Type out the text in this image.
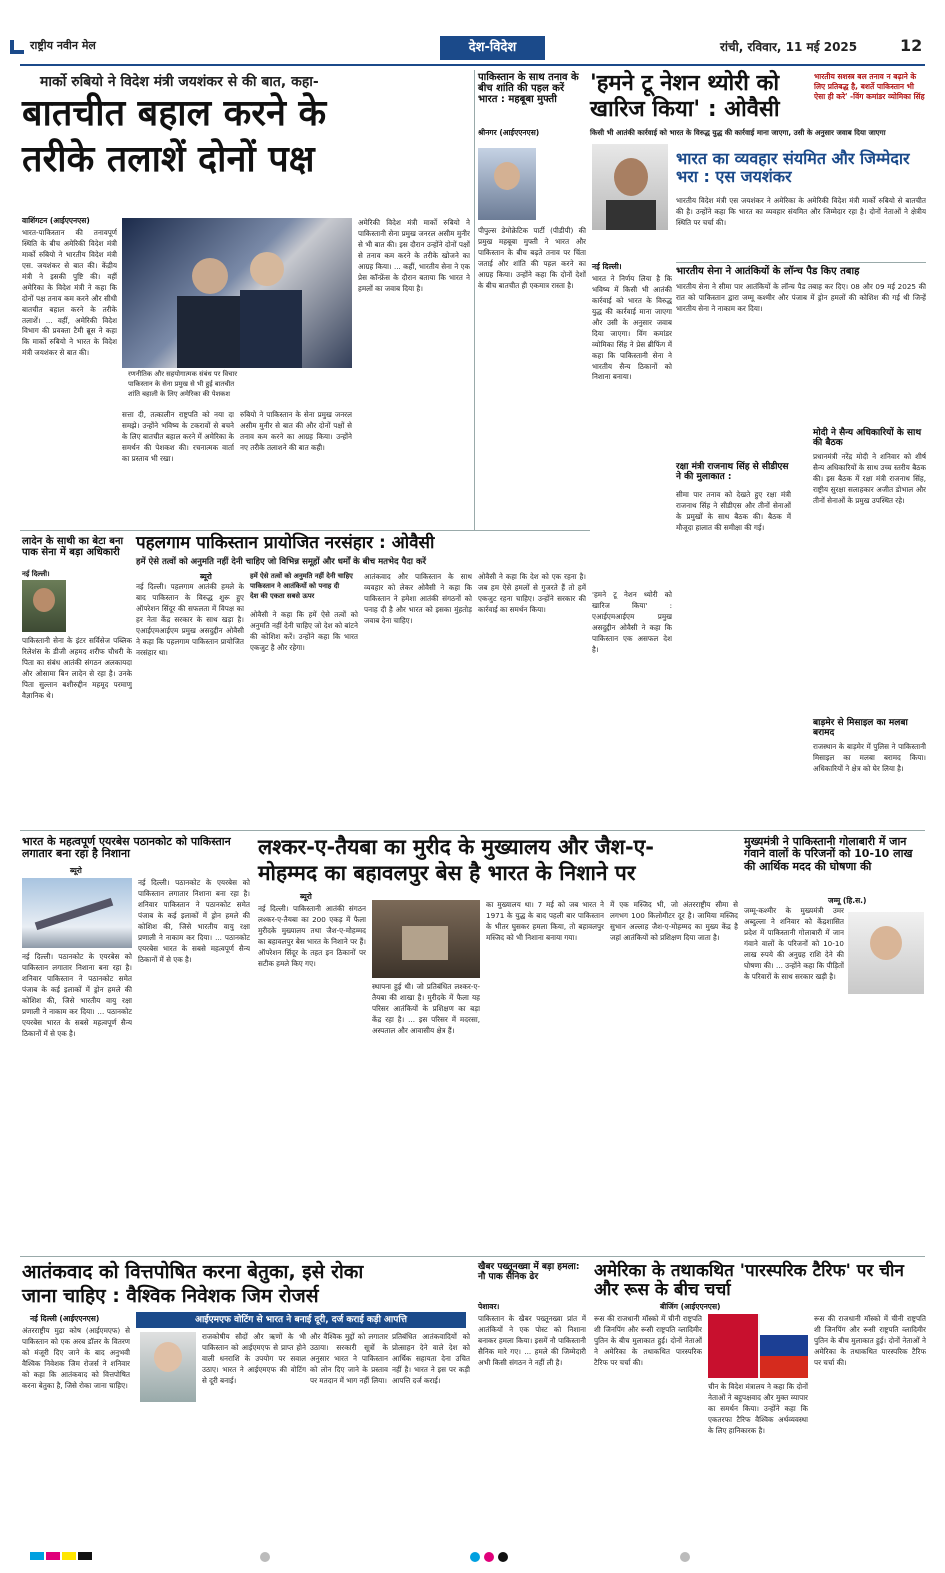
राष्ट्रीय नवीन मेल	देश-विदेश	रांची, रविवार, 11 मई 2025	12
मार्को रुबियो ने विदेश मंत्री जयशंकर से की बात, कहा-
बातचीत बहाल करने के
तरीके तलाशें दोनों पक्ष
वाशिंगटन (आईएएनएस)
भारत-पाकिस्तान की तनावपूर्ण स्थिति के बीच अमेरिकी विदेश मंत्री मार्को रुबियो ने भारतीय विदेश मंत्री एस. जयशंकर से बात की। केंद्रीय मंत्री ने इसकी पुष्टि की। वहीं अमेरिका के विदेश मंत्री ने कहा कि दोनों पक्ष तनाव कम करने और सीधी बातचीत बहाल करने के तरीके तलाशें। ... वहीं, अमेरिकी विदेश विभाग की प्रवक्ता टैमी ब्रूस ने कहा कि मार्को रुबियो ने भारत के विदेश मंत्री जयशंकर से बात की।
रणनीतिक और सहयोगात्मक संबंध पर विचार
पाकिस्तान के सेना प्रमुख से भी हुई बातचीत
शांति बहाली के लिए अमेरिका की पेशकश
सत्ता दी, तत्कालीन राष्ट्रपति को नया दा समझे। उन्होंने भविष्य के टकरावों से बचने के लिए बातचीत बहाल करने में अमेरिका के समर्थन की पेशकश की। रचनात्मक वार्ता का प्रस्ताव भी रखा।
रुबियो ने पाकिस्तान के सेना प्रमुख जनरल असीम मुनीर से बात की और दोनों पक्षों से तनाव कम करने का आग्रह किया। उन्होंने नए तरीके तलाशने की बात कही।
अमेरिकी विदेश मंत्री मार्को रुबियो ने पाकिस्तानी सेना प्रमुख जनरल असीम मुनीर से भी बात की। इस दौरान उन्होंने दोनों पक्षों से तनाव कम करने के तरीके खोजने का आग्रह किया। ... कहीं, भारतीय सेना ने एक प्रेस कॉन्फ्रेंस के दौरान बताया कि भारत ने हमलों का जवाब दिया है।
पाकिस्तान के साथ तनाव के बीच शांति की पहल करें भारत : महबूबा मुफ्ती
श्रीनगर (आईएएनएस)
पीपुल्स डेमोक्रेटिक पार्टी (पीडीपी) की प्रमुख महबूबा मुफ्ती ने भारत और पाकिस्तान के बीच बढ़ते तनाव पर चिंता जताई और शांति की पहल करने का आग्रह किया। उन्होंने कहा कि दोनों देशों के बीच बातचीत ही एकमात्र रास्ता है।
'हमने टू नेशन थ्योरी को
खारिज किया' : ओवैसी
भारतीय सशस्त्र बल तनाव न बढ़ाने के लिए प्रतिबद्ध है, बशर्ते पाकिस्तान भी ऐसा ही करे' -विंग कमांडर व्योमिका सिंह
किसी भी आतंकी कार्रवाई को भारत के विरुद्ध युद्ध की कार्रवाई माना जाएगा, उसी के अनुसार जवाब दिया जाएगा
नई दिल्ली।
भारत ने निर्णय लिया है कि भविष्य में किसी भी आतंकी कार्रवाई को भारत के विरुद्ध युद्ध की कार्रवाई माना जाएगा और उसी के अनुसार जवाब दिया जाएगा। विंग कमांडर व्योमिका सिंह ने प्रेस ब्रीफिंग में कहा कि पाकिस्तानी सेना ने भारतीय सैन्य ठिकानों को निशाना बनाया।
'हमने टू नेशन थ्योरी को खारिज किया' : एआईएमआईएम प्रमुख असदुद्दीन ओवैसी ने कहा कि पाकिस्तान एक असफल देश है।
भारत का व्यवहार संयमित और जिम्मेदार भरा : एस जयशंकर
भारतीय विदेश मंत्री एस जयशंकर ने अमेरिका के अमेरिकी विदेश मंत्री मार्को रुबियो से बातचीत की है। उन्होंने कहा कि भारत का व्यवहार संयमित और जिम्मेदार रहा है। दोनों नेताओं ने क्षेत्रीय स्थिति पर चर्चा की।
भारतीय सेना ने आतंकियों के लॉन्च पैड किए तबाह
भारतीय सेना ने सीमा पार आतंकियों के लॉन्च पैड तबाह कर दिए। 08 और 09 मई 2025 की रात को पाकिस्तान द्वारा जम्मू कश्मीर और पंजाब में ड्रोन हमलों की कोशिश की गई थी जिन्हें भारतीय सेना ने नाकाम कर दिया।
रक्षा मंत्री राजनाथ सिंह से सीडीएस ने की मुलाकात :
सीमा पार तनाव को देखते हुए रक्षा मंत्री राजनाथ सिंह ने सीडीएस और तीनों सेनाओं के प्रमुखों के साथ बैठक की। बैठक में मौजूदा हालात की समीक्षा की गई।
मोदी ने सैन्य अधिकारियों के साथ की बैठक
प्रधानमंत्री नरेंद्र मोदी ने शनिवार को शीर्ष सैन्य अधिकारियों के साथ उच्च स्तरीय बैठक की। इस बैठक में रक्षा मंत्री राजनाथ सिंह, राष्ट्रीय सुरक्षा सलाहकार अजीत डोभाल और तीनों सेनाओं के प्रमुख उपस्थित रहे।
बाड़मेर से मिसाइल का मलबा बरामद
राजस्थान के बाड़मेर में पुलिस ने पाकिस्तानी मिसाइल का मलबा बरामद किया। अधिकारियों ने क्षेत्र को घेर लिया है।
लादेन के साथी का बेटा बना पाक सेना में बड़ा अधिकारी
नई दिल्ली।
पाकिस्तानी सेना के इंटर सर्विसेज पब्लिक रिलेशंस के डीजी अहमद शरीफ चौधरी के पिता का संबंध आतंकी संगठन अलकायदा और ओसामा बिन लादेन से रहा है। उनके पिता सुल्तान बशीरुद्दीन महमूद परमाणु वैज्ञानिक थे।
पहलगाम पाकिस्तान प्रायोजित नरसंहार : ओवैसी
हमें ऐसे तत्वों को अनुमति नहीं देनी चाहिए जो विभिन्न समूहों और धर्मों के बीच मतभेद पैदा करें
ब्यूरो
नई दिल्ली। पहलगाम आतंकी हमले के बाद पाकिस्तान के विरुद्ध शुरू हुए ऑपरेशन सिंदूर की सफलता में विपक्ष का हर नेता केंद्र सरकार के साथ खड़ा है। एआईएमआईएम प्रमुख असदुद्दीन ओवैसी ने कहा कि पहलगाम पाकिस्तान प्रायोजित नरसंहार था।
हमें ऐसे तत्वों को अनुमति नहीं देनी चाहिए
पाकिस्तान ने आतंकियों को पनाह दी
देश की एकता सबसे ऊपर
ओवैसी ने कहा कि हमें ऐसे तत्वों को अनुमति नहीं देनी चाहिए जो देश को बांटने की कोशिश करें। उन्होंने कहा कि भारत एकजुट है और रहेगा।
आतंकवाद और पाकिस्तान के साथ व्यवहार को लेकर ओवैसी ने कहा कि पाकिस्तान ने हमेशा आतंकी संगठनों को पनाह दी है और भारत को इसका मुंहतोड़ जवाब देना चाहिए।
ओवैसी ने कहा कि देश को एक रहना है। जब हम ऐसे हमलों से गुजरते हैं तो हमें एकजुट रहना चाहिए। उन्होंने सरकार की कार्रवाई का समर्थन किया।
भारत के महत्वपूर्ण एयरबेस पठानकोट को पाकिस्तान लगातार बना रहा है निशाना
ब्यूरो
नई दिल्ली। पठानकोट के एयरबेस को पाकिस्तान लगातार निशाना बना रहा है। शनिवार पाकिस्तान ने पठानकोट समेत पंजाब के कई इलाकों में ड्रोन हमले की कोशिश की, जिसे भारतीय वायु रक्षा प्रणाली ने नाकाम कर दिया। ... पठानकोट एयरबेस भारत के सबसे महत्वपूर्ण सैन्य ठिकानों में से एक है।
नई दिल्ली। पठानकोट के एयरबेस को पाकिस्तान लगातार निशाना बना रहा है। शनिवार पाकिस्तान ने पठानकोट समेत पंजाब के कई इलाकों में ड्रोन हमले की कोशिश की, जिसे भारतीय वायु रक्षा प्रणाली ने नाकाम कर दिया। ... पठानकोट एयरबेस भारत के सबसे महत्वपूर्ण सैन्य ठिकानों में से एक है।
लश्कर-ए-तैयबा का मुरीद के मुख्यालय और जैश-ए-
मोहम्मद का बहावलपुर बेस है भारत के निशाने पर
ब्यूरो
नई दिल्ली। पाकिस्तानी आतंकी संगठन लश्कर-ए-तैयबा का 200 एकड़ में फैला मुरीदके मुख्यालय तथा जैश-ए-मोहम्मद का बहावलपुर बेस भारत के निशाने पर हैं। ऑपरेशन सिंदूर के तहत इन ठिकानों पर सटीक हमले किए गए।
स्थापना हुई थी। जो प्रतिबंधित लश्कर-ए-तैयबा की शाखा है। मुरीदके में फैला यह परिसर आतंकियों के प्रशिक्षण का बड़ा केंद्र रहा है। ... इस परिसर में मदरसा, अस्पताल और आवासीय क्षेत्र हैं।
का मुख्यालय था। 7 मई को जब भारत ने 1971 के युद्ध के बाद पहली बार पाकिस्तान के भीतर घुसकर हमला किया, तो बहावलपुर मस्जिद को भी निशाना बनाया गया।
में एक मस्जिद भी, जो अंतरराष्ट्रीय सीमा से लगभग 100 किलोमीटर दूर है। जामिया मस्जिद सुभान अल्लाह जैश-ए-मोहम्मद का मुख्य केंद्र है जहां आतंकियों को प्रशिक्षण दिया जाता है।
मुख्यमंत्री ने पाकिस्तानी गोलाबारी में जान गंवाने वालों के परिजनों को 10-10 लाख की आर्थिक मदद की घोषणा की
जम्मू (हि.स.)
जम्मू-कश्मीर के मुख्यमंत्री उमर अब्दुल्ला ने शनिवार को केंद्रशासित प्रदेश में पाकिस्तानी गोलाबारी में जान गंवाने वालों के परिजनों को 10-10 लाख रुपये की अनुग्रह राशि देने की घोषणा की। ... उन्होंने कहा कि पीड़ितों के परिवारों के साथ सरकार खड़ी है।
आतंकवाद को वित्तपोषित करना बेतुका, इसे रोका
जाना चाहिए : वैश्विक निवेशक जिम रोजर्स
नई दिल्ली (आईएएनएस)
अंतरराष्ट्रीय मुद्रा कोष (आईएमएफ) से पाकिस्तान को एक अरब डॉलर के वितरण को मंजूरी दिए जाने के बाद अनुभवी वैश्विक निवेशक जिम रोजर्स ने शनिवार को कहा कि आतंकवाद को वित्तपोषित करना बेतुका है, जिसे रोका जाना चाहिए।
आईएमएफ वोटिंग से भारत ने बनाई दूरी, दर्ज कराई कड़ी आपत्ति
राजकोषीय सौदों और ऋणों के भी पाकिस्तान को आईएमएफ से प्राप्त होने वाली धनराशि के उपयोग पर सवाल उठाए। भारत ने आईएमएफ की वोटिंग से दूरी बनाई।
और वैश्विक मुद्दों को लगातार उठाया। सरकारी सूत्रों के अनुसार भारत ने पाकिस्तान को लोन दिए जाने के प्रस्ताव पर मतदान में भाग नहीं लिया।
प्रतिबंधित आतंकवादियों को प्रोत्साहन देने वाले देश को आर्थिक सहायता देना उचित नहीं है। भारत ने इस पर कड़ी आपत्ति दर्ज कराई।
खैबर पख्तूनख्वा में बड़ा हमला: नौ पाक सैनिक ढेर
पेशावर।
पाकिस्तान के खैबर पख्तूनख्वा प्रांत में आतंकियों ने एक पोस्ट को निशाना बनाकर हमला किया। इसमें नौ पाकिस्तानी सैनिक मारे गए। ... हमले की जिम्मेदारी अभी किसी संगठन ने नहीं ली है।
अमेरिका के तथाकथित 'पारस्परिक टैरिफ' पर चीन और रूस के बीच चर्चा
बीजिंग (आईएएनएस)
रूस की राजधानी मॉस्को में चीनी राष्ट्रपति शी जिनपिंग और रूसी राष्ट्रपति व्लादिमीर पुतिन के बीच मुलाकात हुई। दोनों नेताओं ने अमेरिका के तथाकथित पारस्परिक टैरिफ पर चर्चा की।
चीन के विदेश मंत्रालय ने कहा कि दोनों नेताओं ने बहुपक्षवाद और मुक्त व्यापार का समर्थन किया। उन्होंने कहा कि एकतरफा टैरिफ वैश्विक अर्थव्यवस्था के लिए हानिकारक है।
रूस की राजधानी मॉस्को में चीनी राष्ट्रपति शी जिनपिंग और रूसी राष्ट्रपति व्लादिमीर पुतिन के बीच मुलाकात हुई। दोनों नेताओं ने अमेरिका के तथाकथित पारस्परिक टैरिफ पर चर्चा की।
